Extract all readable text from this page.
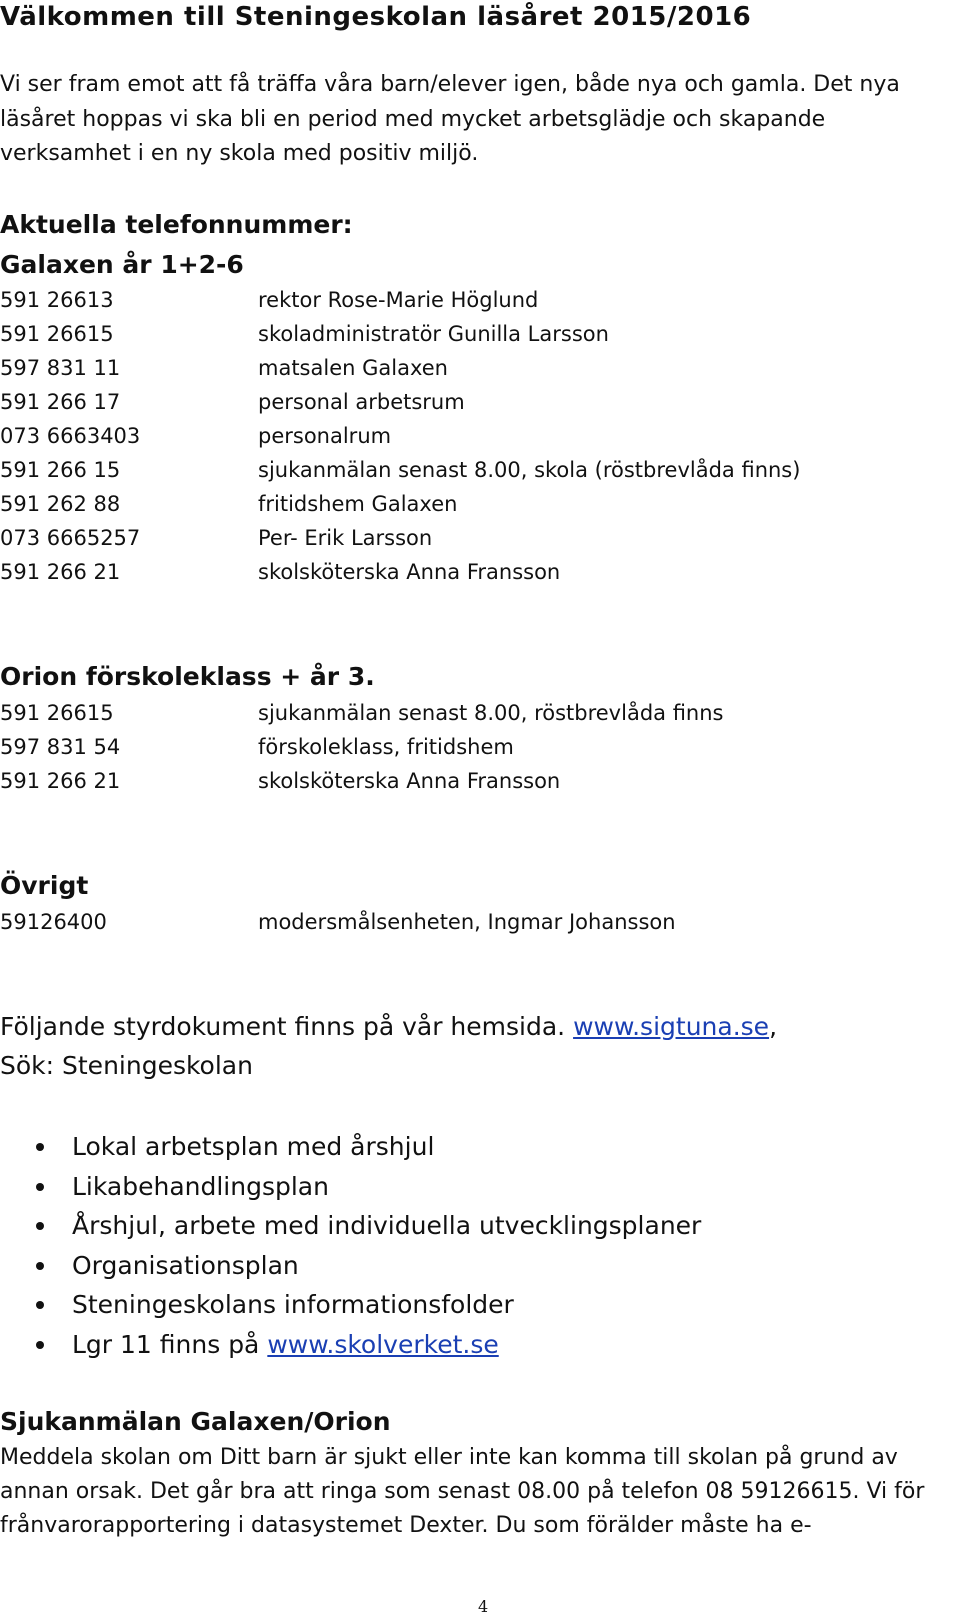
Välkommen till Steningeskolan läsåret 2015/2016
Vi ser fram emot att få träffa våra barn/elever igen, både nya och gamla. Det nya läsåret hoppas vi ska bli en period med mycket arbetsglädje och skapande verksamhet i en ny skola med positiv miljö.
Aktuella telefonnummer:
Galaxen år 1+2-6
591 26613	rektor Rose-Marie Höglund
591 26615	skoladministratör Gunilla Larsson
597 831 11	matsalen Galaxen
591 266 17	personal arbetsrum
073 6663403	personalrum
591 266 15	sjukanmälan senast 8.00, skola (röstbrevlåda finns)
591 262 88	fritidshem Galaxen
073 6665257	Per- Erik Larsson
591 266 21	skolsköterska Anna Fransson
Orion förskoleklass + år 3.
591 26615	sjukanmälan senast 8.00, röstbrevlåda finns
597 831 54	förskoleklass, fritidshem
591 266 21	skolsköterska Anna Fransson
Övrigt
59126400	modersmålsenheten, Ingmar Johansson
Följande styrdokument finns på vår hemsida. www.sigtuna.se,
Sök: Steningeskolan
Lokal arbetsplan med årshjul
Likabehandlingsplan
Årshjul, arbete med individuella utvecklingsplaner
Organisationsplan
Steningeskolans informationsfolder
Lgr 11 finns på www.skolverket.se
Sjukanmälan Galaxen/Orion
Meddela skolan om Ditt barn är sjukt eller inte kan komma till skolan på grund av annan orsak. Det går bra att ringa som senast 08.00 på telefon 08 59126615. Vi för frånvarorapportering i datasystemet Dexter. Du som förälder måste ha e-
4
